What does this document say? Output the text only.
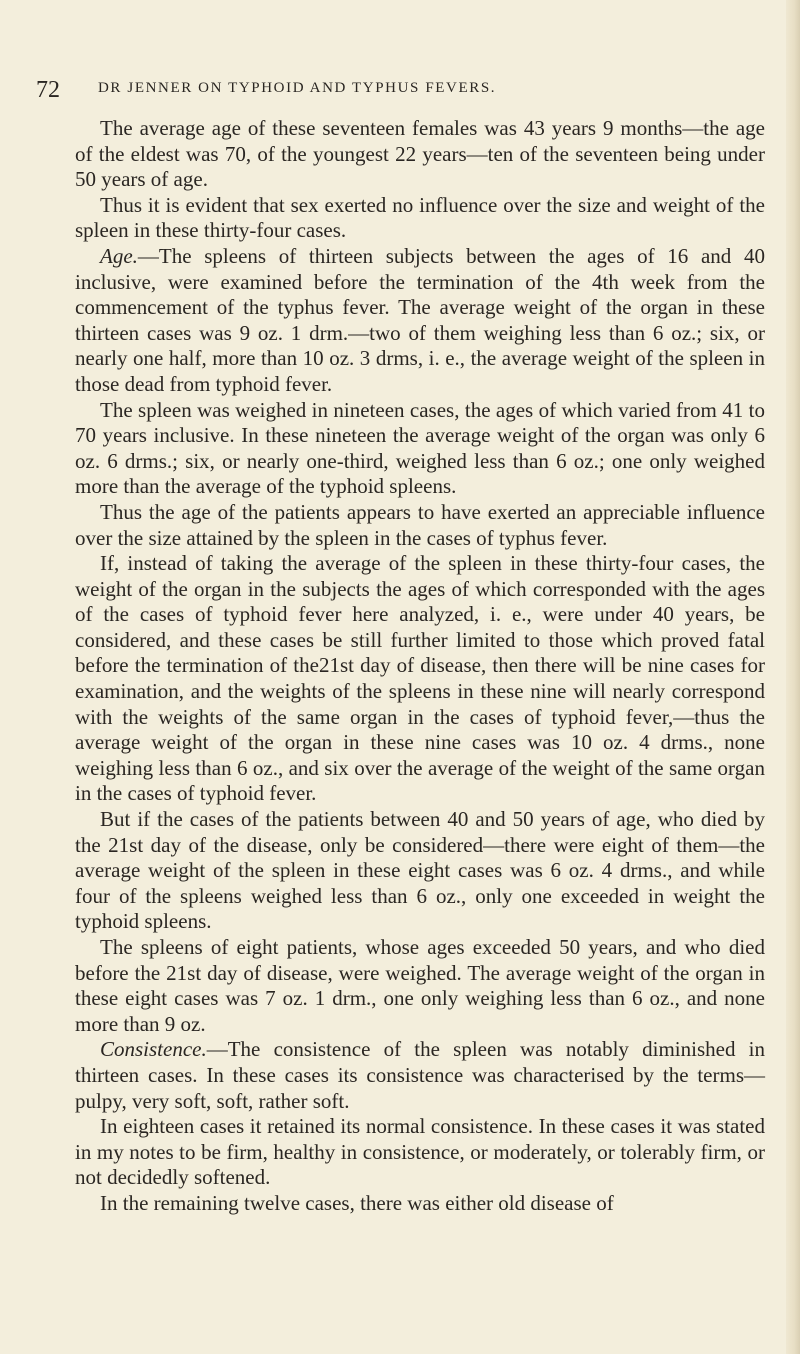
72	DR JENNER ON TYPHOID AND TYPHUS FEVERS.

The average age of these seventeen females was 43 years 9 months—the age of the eldest was 70, of the youngest 22 years—ten of the seventeen being under 50 years of age.

Thus it is evident that sex exerted no influence over the size and weight of the spleen in these thirty-four cases.

Age.—The spleens of thirteen subjects between the ages of 16 and 40 inclusive, were examined before the termination of the 4th week from the commencement of the typhus fever. The average weight of the organ in these thirteen cases was 9 oz. 1 drm.—two of them weighing less than 6 oz.; six, or nearly one half, more than 10 oz. 3 drms, i. e., the average weight of the spleen in those dead from typhoid fever.

The spleen was weighed in nineteen cases, the ages of which varied from 41 to 70 years inclusive. In these nineteen the average weight of the organ was only 6 oz. 6 drms.; six, or nearly one-third, weighed less than 6 oz.; one only weighed more than the average of the typhoid spleens.

Thus the age of the patients appears to have exerted an appreciable influence over the size attained by the spleen in the cases of typhus fever.

If, instead of taking the average of the spleen in these thirty-four cases, the weight of the organ in the subjects the ages of which corresponded with the ages of the cases of typhoid fever here analyzed, i. e., were under 40 years, be considered, and these cases be still further limited to those which proved fatal before the termination of the21st day of disease, then there will be nine cases for examination, and the weights of the spleens in these nine will nearly correspond with the weights of the same organ in the cases of typhoid fever,—thus the average weight of the organ in these nine cases was 10 oz. 4 drms., none weighing less than 6 oz., and six over the average of the weight of the same organ in the cases of typhoid fever.

But if the cases of the patients between 40 and 50 years of age, who died by the 21st day of the disease, only be considered—there were eight of them—the average weight of the spleen in these eight cases was 6 oz. 4 drms., and while four of the spleens weighed less than 6 oz., only one exceeded in weight the typhoid spleens.

The spleens of eight patients, whose ages exceeded 50 years, and who died before the 21st day of disease, were weighed. The average weight of the organ in these eight cases was 7 oz. 1 drm., one only weighing less than 6 oz., and none more than 9 oz.

Consistence.—The consistence of the spleen was notably diminished in thirteen cases. In these cases its consistence was characterised by the terms—pulpy, very soft, soft, rather soft.

In eighteen cases it retained its normal consistence. In these cases it was stated in my notes to be firm, healthy in consistence, or moderately, or tolerably firm, or not decidedly softened.

In the remaining twelve cases, there was either old disease of
